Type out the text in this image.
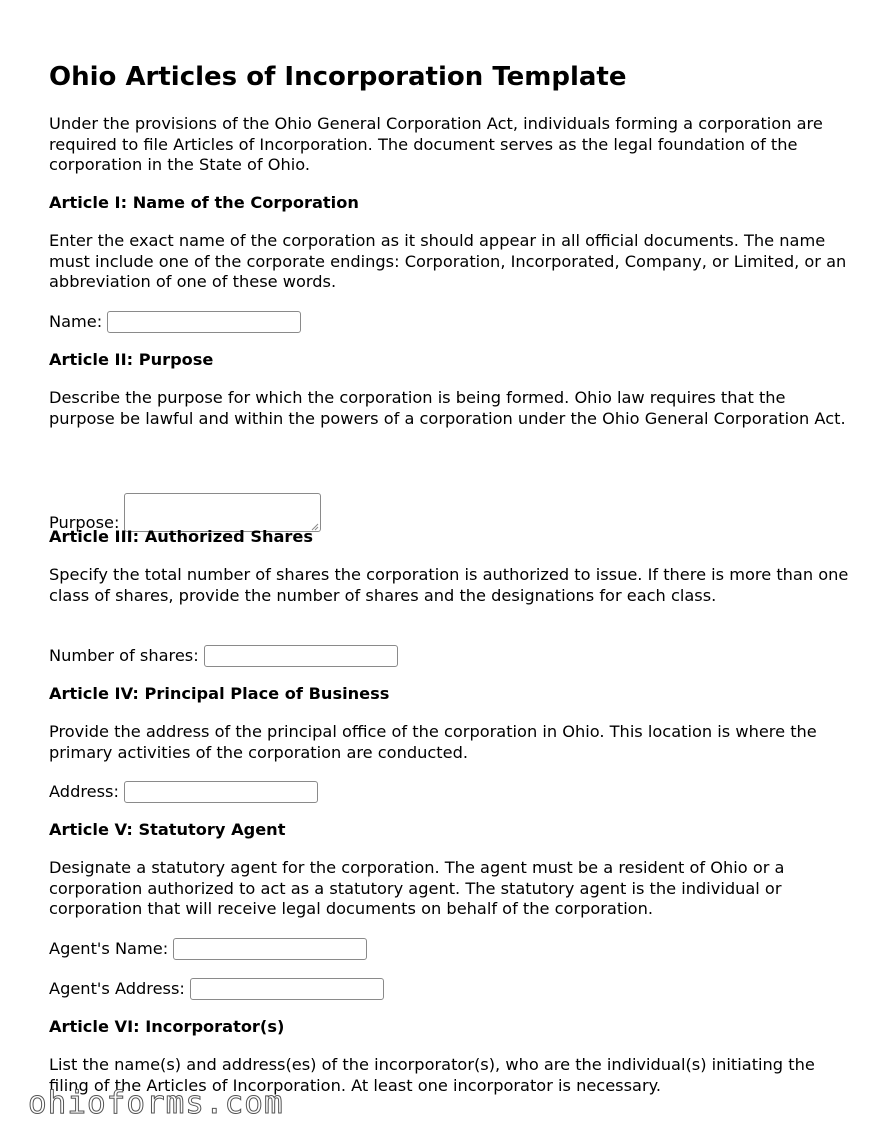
Ohio Articles of Incorporation Template

Under the provisions of the Ohio General Corporation Act, individuals forming a corporation are required to file Articles of Incorporation. The document serves as the legal foundation of the corporation in the State of Ohio.

Article I: Name of the Corporation

Enter the exact name of the corporation as it should appear in all official documents. The name must include one of the corporate endings: Corporation, Incorporated, Company, or Limited, or an abbreviation of one of these words.

Name:
Article II: Purpose

Describe the purpose for which the corporation is being formed. Ohio law requires that the purpose be lawful and within the powers of a corporation under the Ohio General Corporation Act.

Purpose:
Article III: Authorized Shares

Specify the total number of shares the corporation is authorized to issue. If there is more than one class of shares, provide the number of shares and the designations for each class.

Number of shares:
Article IV: Principal Place of Business

Provide the address of the principal office of the corporation in Ohio. This location is where the primary activities of the corporation are conducted.

Address:
Article V: Statutory Agent

Designate a statutory agent for the corporation. The agent must be a resident of Ohio or a corporation authorized to act as a statutory agent. The statutory agent is the individual or corporation that will receive legal documents on behalf of the corporation.

Agent's Name:
Agent's Address:
Article VI: Incorporator(s)

List the name(s) and address(es) of the incorporator(s), who are the individual(s) initiating the filing of the Articles of Incorporation. At least one incorporator is necessary.

ohioforms.com
